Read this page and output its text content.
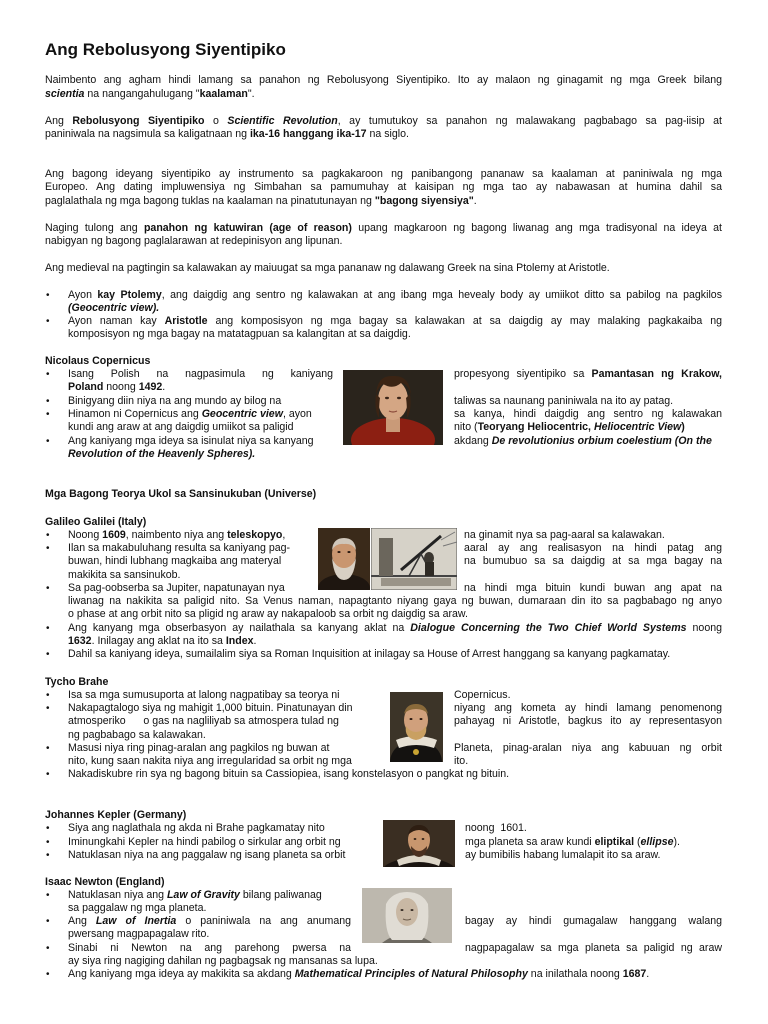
Ang Rebolusyong Siyentipiko

Naimbento ang agham hindi lamang sa panahon ng Rebolusyong Siyentipiko. Ito ay malaon ng ginagamit ng mga Greek bilang

scientia na nangangahulugang "kaalaman".

Ang Rebolusyong Siyentipiko o Scientific Revolution, ay tumutukoy sa panahon ng malawakang pagbabago sa pag-iisip at

paniniwala na nagsimula sa kaligatnaan ng ika-16 hanggang ika-17 na siglo.

Ang bagong ideyang siyentipiko ay instrumento sa pagkakaroon ng panibangong pananaw sa kaalaman at paniniwala ng mga

Europeo. Ang dating impluwensiya ng Simbahan sa pamumuhay at kaisipan ng mga tao ay nabawasan at humina dahil sa

paglalathala ng mga bagong tuklas na kaalaman na pinatutunayan ng "bagong siyensiya".

Naging tulong ang panahon ng katuwiran (age of reason) upang magkaroon ng bagong liwanag ang mga tradisyonal na ideya at

nabigyan ng bagong paglalarawan at redepinisyon ang lipunan.

Ang medieval na pagtingin sa kalawakan ay maiuugat sa mga pananaw ng dalawang Greek na sina Ptolemy at Aristotle.

• Ayon kay Ptolemy, ang daigdig ang sentro ng kalawakan at ang ibang mga hevealy body ay umiikot ditto sa pabilog na pagkilos

(Geocentric view).

• Ayon naman kay Aristotle ang komposisyon ng mga bagay sa kalawakan at sa daigdig ay may malaking pagkakaiba ng

komposisyon ng mga bagay na matatagpuan sa kalangitan at sa daigdig.

Nicolaus Copernicus

• Isang Polish na nagpasimula ng kaniyang	propesyong siyentipiko sa Pamantasan ng Krakow,

Poland noong 1492.

• Binigyang diin niya na ang mundo ay bilog na	taliwas sa naunang paniniwala na ito ay patag.

• Hinamon ni Copernicus ang Geocentric view, ayon	sa kanya, hindi daigdig ang sentro ng kalawakan

kundi ang araw at ang daigdig umiikot sa paligid	nito (Teoryang Heliocentric, Heliocentric View)

• Ang kaniyang mga ideya sa isinulat niya sa kanyang	akdang De revolutionius orbium coelestium (On the

Revolution of the Heavenly Spheres).

Mga Bagong Teorya Ukol sa Sansinukuban (Universe)

Galileo Galilei (Italy)

• Noong 1609, naimbento niya ang teleskopyo,	na ginamit nya sa pag-aaral sa kalawakan.

• Ilan sa makabuluhang resulta sa kaniyang pag-	aaral ay ang realisasyon na hindi patag ang

buwan, hindi lubhang magkaiba ang materyal	na bumubuo sa sa daigdig at sa mga bagay na

makikita sa sansinukob.

• Sa pag-oobserba sa Jupiter, napatunayan nya	na hindi mga bituin kundi buwan ang apat na

liwanag na nakikita sa paligid nito. Sa Venus naman, napagtanto niyang gaya ng buwan, dumaraan din ito sa pagbabago ng anyo

o phase at ang orbit nito sa pligid ng araw ay nakapaloob sa orbit ng daigdig sa araw.

• Ang kanyang mga obserbasyon ay nailathala sa kanyang aklat na Dialogue Concerning the Two Chief World Systems noong

1632. Inilagay ang aklat na ito sa Index.

• Dahil sa kaniyang ideya, sumailalim siya sa Roman Inquisition at inilagay sa House of Arrest hanggang sa kanyang pagkamatay.

Tycho Brahe

• Isa sa mga sumusuporta at lalong nagpatibay sa teorya ni	Copernicus.

• Nakapagtalogo siya ng mahigit 1,000 bituin. Pinatunayan din	niyang ang kometa ay hindi lamang penomenong

atmosperiko      o gas na nagliliyab sa atmospera tulad ng	pahayag ni Aristotle, bagkus ito ay representasyon

ng pagbabago sa kalawakan.

• Masusi niya ring pinag-aralan ang pagkilos ng buwan at	Planeta, pinag-aralan niya ang kabuuan ng orbit

nito, kung saan nakita niya ang irregularidad sa orbit ng mga	ito.

• Nakadiskubre rin sya ng bagong bituin sa Cassiopiea, isang konstelasyon o pangkat ng bituin.

Johannes Kepler (Germany)

• Siya ang naglathala ng akda ni Brahe pagkamatay nito	noong  1601.

• Iminungkahi Kepler na hindi pabilog o sirkular ang orbit ng	mga planeta sa araw kundi eliptikal (ellipse).

• Natuklasan niya na ang paggalaw ng isang planeta sa orbit	ay bumibilis habang lumalapit ito sa araw.

Isaac Newton (England)

• Natuklasan niya ang Law of Gravity bilang paliwanag

sa paggalaw ng mga planeta.

• Ang Law of Inertia o paniniwala na ang anumang	bagay ay hindi gumagalaw hanggang walang

pwersang magpapagalaw rito.

• Sinabi ni Newton na ang parehong pwersa na	nagpapagalaw sa mga planeta sa paligid ng araw

ay siya ring nagiging dahilan ng pagbagsak ng mansanas sa lupa.

• Ang kaniyang mga ideya ay makikita sa akdang Mathematical Principles of Natural Philosophy na inilathala noong 1687.
